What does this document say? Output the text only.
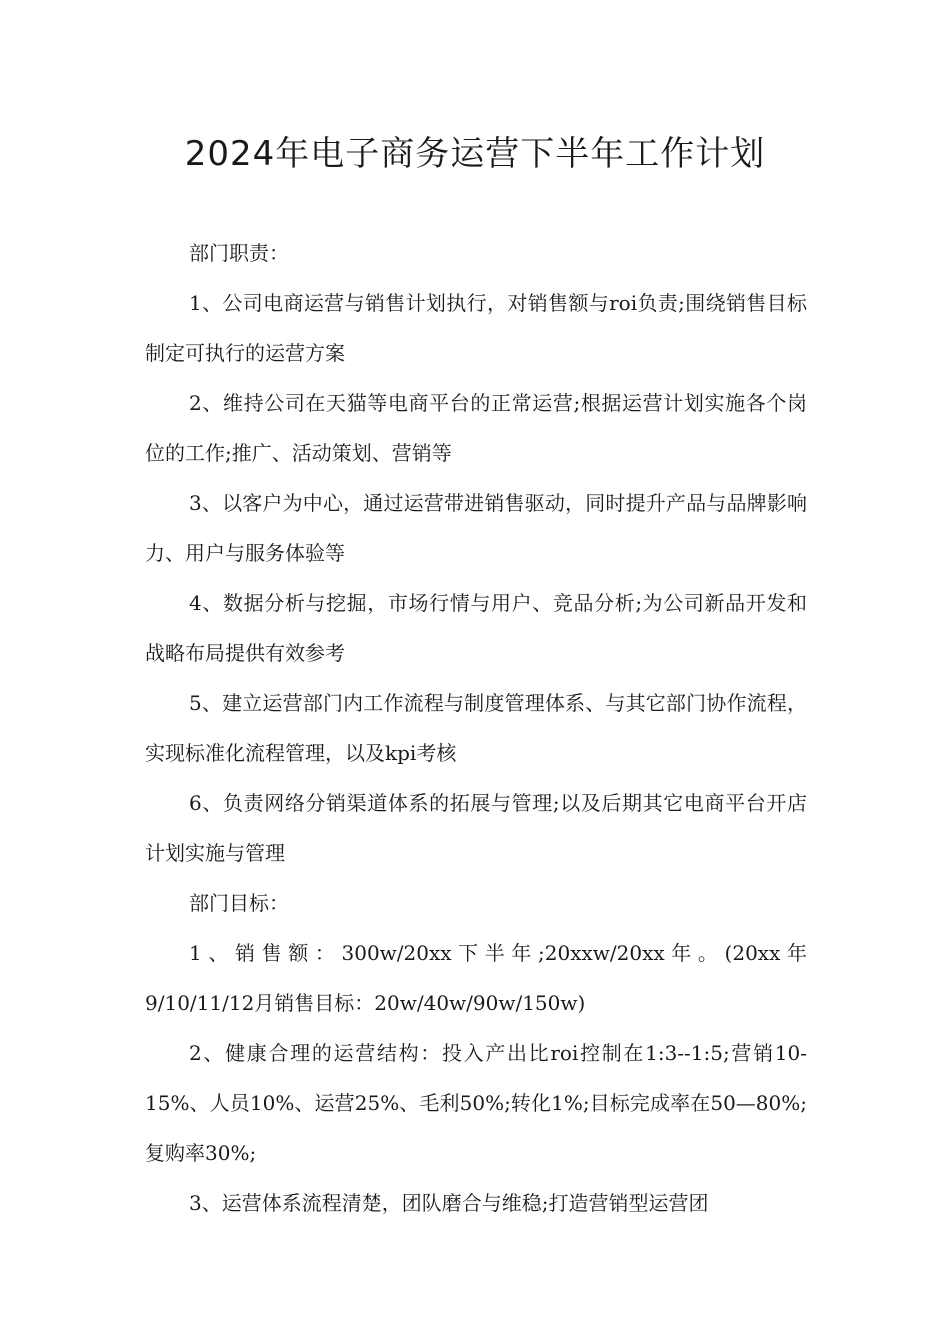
2024年电子商务运营下半年工作计划

部门职责：

1、公司电商运营与销售计划执行，对销售额与roi负责;围绕销售目标制定可执行的运营方案

2、维持公司在天猫等电商平台的正常运营;根据运营计划实施各个岗位的工作;推广、活动策划、营销等

3、以客户为中心，通过运营带进销售驱动，同时提升产品与品牌影响力、用户与服务体验等

4、数据分析与挖掘，市场行情与用户、竞品分析;为公司新品开发和战略布局提供有效参考

5、建立运营部门内工作流程与制度管理体系、与其它部门协作流程，实现标准化流程管理，以及kpi考核

6、负责网络分销渠道体系的拓展与管理;以及后期其它电商平台开店计划实施与管理

部门目标：

1、销售额：300w/20xx下半年;20xxw/20xx年。(20xx年9/10/11/12月销售目标：20w/40w/90w/150w)

2、健康合理的运营结构：投入产出比roi控制在1:3--1:5;营销10-15%、人员10%、运营25%、毛利50%;转化1%;目标完成率在50—80%;复购率30%;

3、运营体系流程清楚，团队磨合与维稳;打造营销型运营团
